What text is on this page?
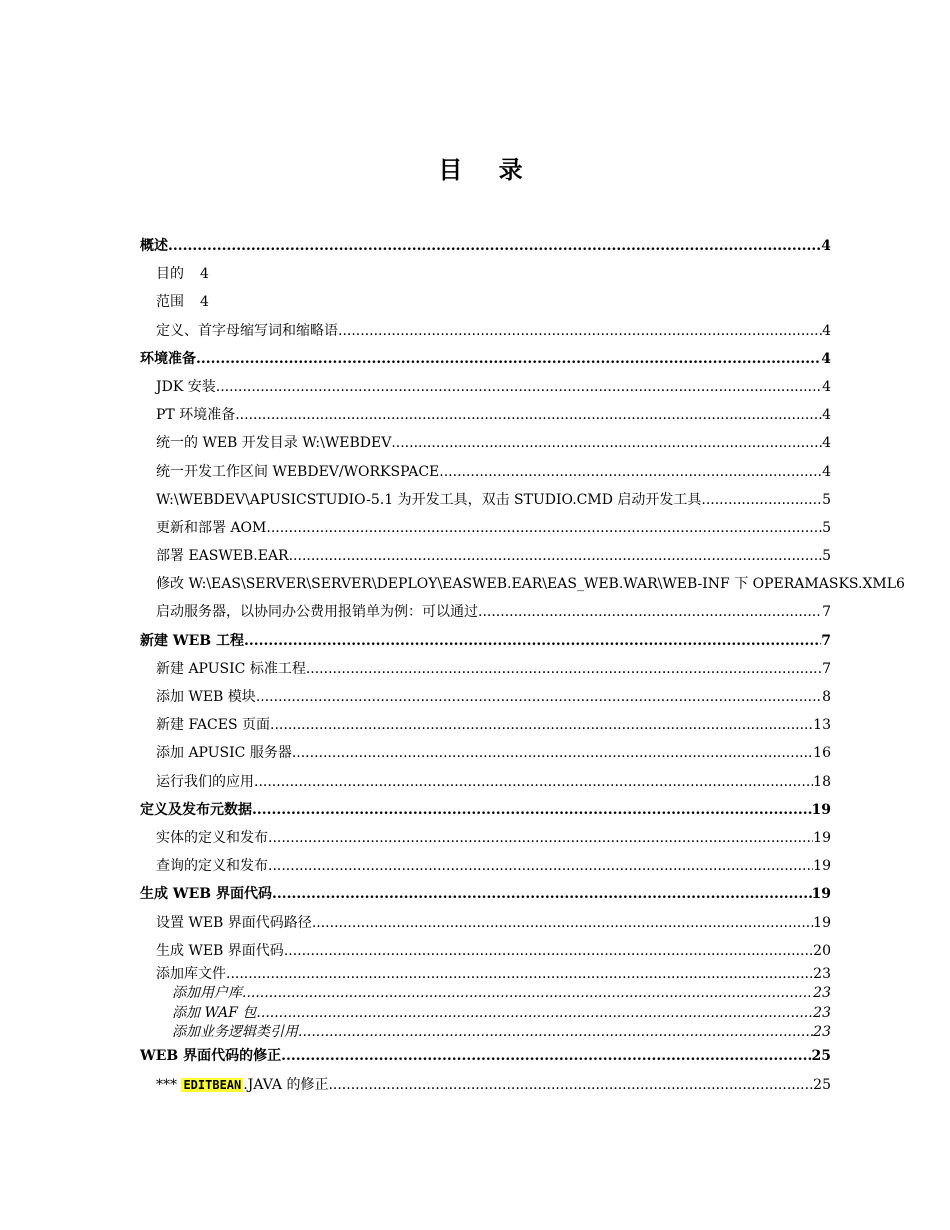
目 录
概述 .....	4
目的	4
范围	4
定义、首字母缩写词和缩略语 .....	4
环境准备 .....	4
JDK 安装 .....	4
PT 环境准备 .....	4
统一的 WEB 开发目录 W:\WEBDEV .....	4
统一开发工作区间 WEBDEV/WORKSPACE .....	4
W:\WEBDEV\APUSICSTUDIO-5.1 为开发工具，双击 STUDIO.CMD 启动开发工具 .....	5
更新和部署 AOM .....	5
部署 EASWEB.EAR .....	5
修改 W:\EAS\SERVER\SERVER\DEPLOY\EASWEB.EAR\EAS_WEB.WAR\WEB-INF 下 OPERAMASKS.XML 6
启动服务器，以协同办公费用报销单为例：可以通过 .....	7
新建 WEB 工程 .....	7
新建 APUSIC 标准工程 .....	7
添加 WEB 模块 .....	8
新建 FACES 页面 .....	13
添加 APUSIC 服务器 .....	16
运行我们的应用 .....	18
定义及发布元数据 .....	19
实体的定义和发布 .....	19
查询的定义和发布 .....	19
生成 WEB 界面代码 .....	19
设置 WEB 界面代码路径 .....	19
生成 WEB 界面代码 .....	20
添加库文件 .....	23
添加用户库 .....	23
添加 WAF 包 .....	23
添加业务逻辑类引用 .....	23
WEB 界面代码的修正 .....	25
*** EDITBEAN .JAVA 的修正 .....	25
